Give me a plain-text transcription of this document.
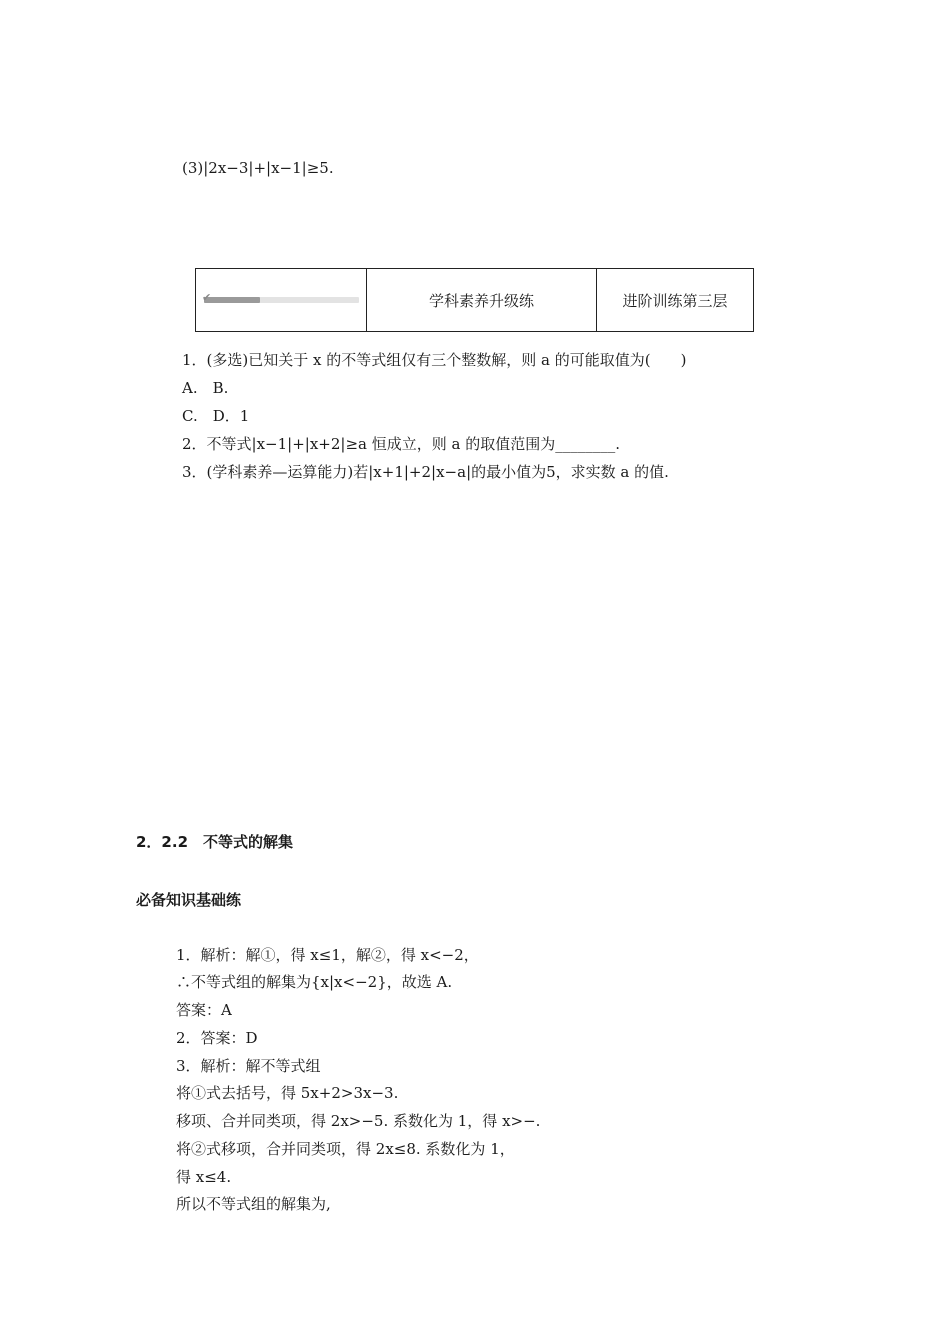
(3)|2x−3|+|x−1|≥5.
✔	学科素养升级练	进阶训练第三层
1．(多选)已知关于 x 的不等式组仅有三个整数解，则 a 的可能取值为(　　)
A.　B.
C.　D．1
2．不等式|x−1|+|x+2|≥a 恒成立，则 a 的取值范围为________.
3．(学科素养—运算能力)若|x+1|+2|x−a|的最小值为5，求实数 a 的值.
2．2.2　不等式的解集
必备知识基础练
1．解析：解①，得 x≤1，解②，得 x<−2，
∴不等式组的解集为{x|x<−2}，故选 A.
答案：A
2．答案：D
3．解析：解不等式组
将①式去括号，得 5x+2>3x−3.
移项、合并同类项，得 2x>−5. 系数化为 1，得 x>−.
将②式移项，合并同类项，得 2x≤8. 系数化为 1，
得 x≤4.
所以不等式组的解集为,
